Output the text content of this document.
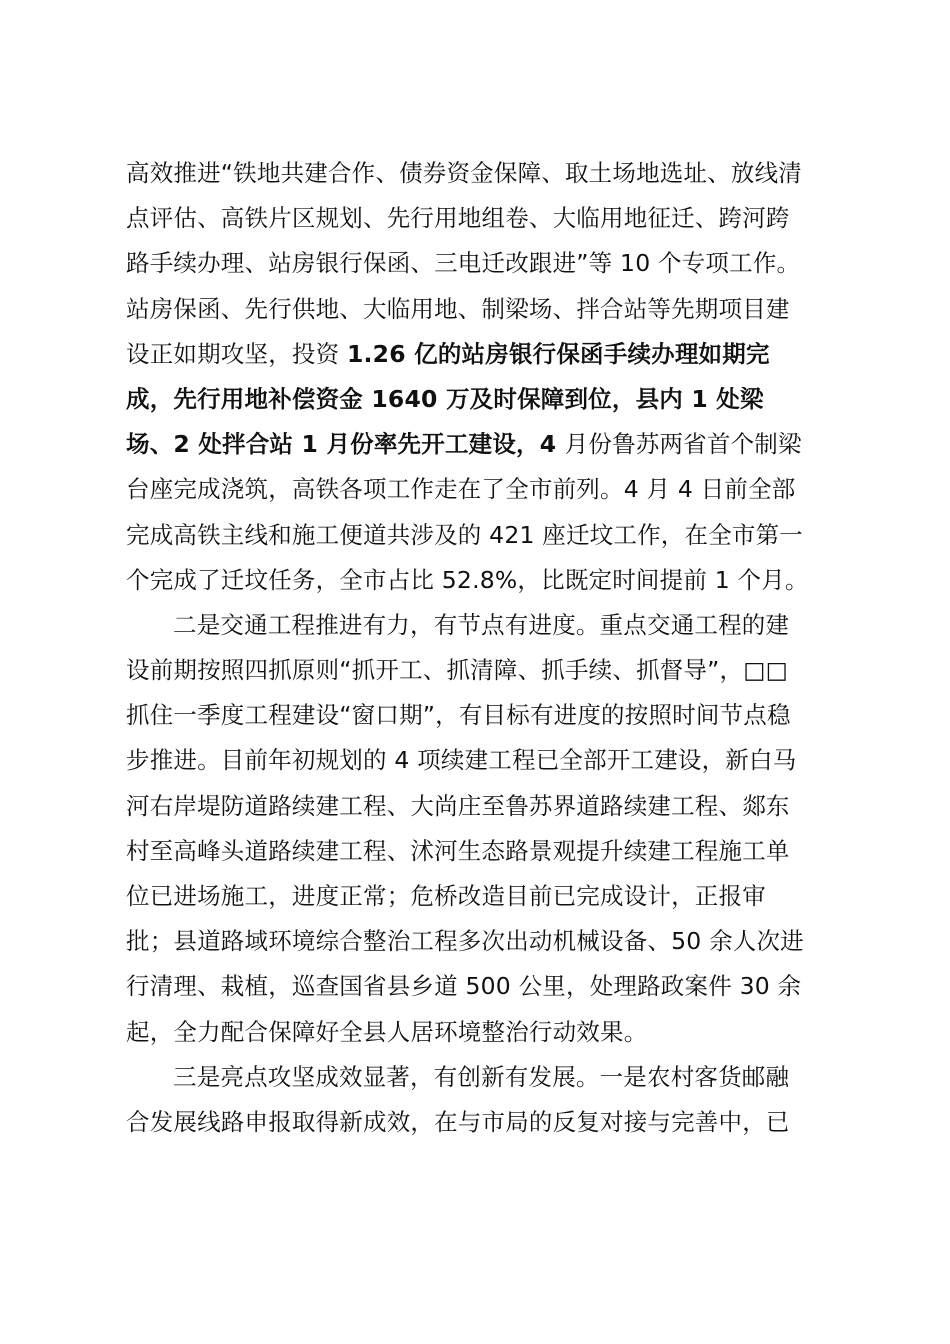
高效推进“铁地共建合作、债券资金保障、取土场地选址、放线清
点评估、高铁片区规划、先行用地组卷、大临用地征迁、跨河跨
路手续办理、站房银行保函、三电迁改跟进”等 10 个专项工作。
站房保函、先行供地、大临用地、制梁场、拌合站等先期项目建
设正如期攻坚，投资 1.26 亿的站房银行保函手续办理如期完
成，先行用地补偿资金 1640 万及时保障到位，县内 1 处梁
场、2 处拌合站 1 月份率先开工建设，4 月份鲁苏两省首个制梁
台座完成浇筑，高铁各项工作走在了全市前列。4 月 4 日前全部
完成高铁主线和施工便道共涉及的 421 座迁坟工作，在全市第一
个完成了迁坟任务，全市占比 52.8%，比既定时间提前 1 个月。
二是交通工程推进有力，有节点有进度。重点交通工程的建
设前期按照四抓原则“抓开工、抓清障、抓手续、抓督导”，□□
抓住一季度工程建设“窗口期”，有目标有进度的按照时间节点稳
步推进。目前年初规划的 4 项续建工程已全部开工建设，新白马
河右岸堤防道路续建工程、大尚庄至鲁苏界道路续建工程、郯东
村至高峰头道路续建工程、沭河生态路景观提升续建工程施工单
位已进场施工，进度正常；危桥改造目前已完成设计，正报审
批；县道路域环境综合整治工程多次出动机械设备、50 余人次进
行清理、栽植，巡查国省县乡道 500 公里，处理路政案件 30 余
起，全力配合保障好全县人居环境整治行动效果。
三是亮点攻坚成效显著，有创新有发展。一是农村客货邮融
合发展线路申报取得新成效，在与市局的反复对接与完善中，已
